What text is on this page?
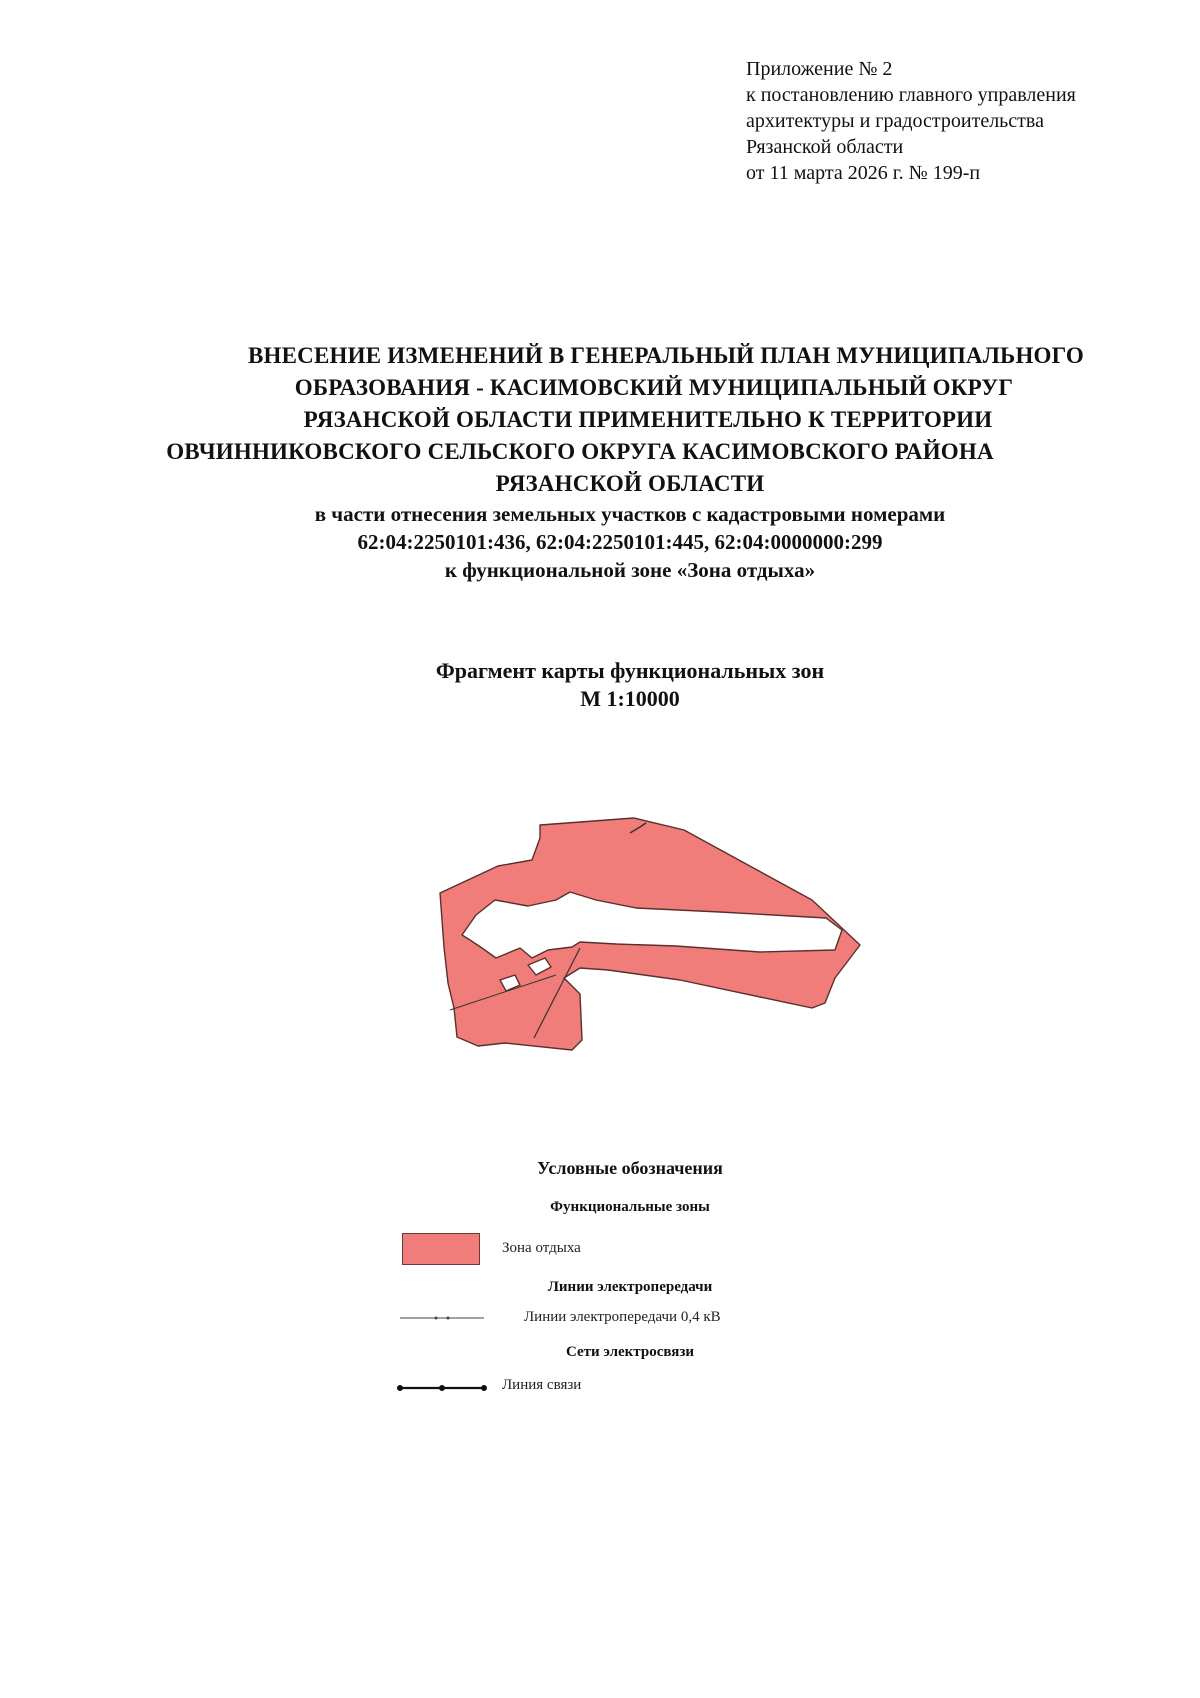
Приложение № 2
к постановлению главного управления
архитектуры и градостроительства
Рязанской области
от 11 марта 2026 г. № 199-п
ВНЕСЕНИЕ ИЗМЕНЕНИЙ В ГЕНЕРАЛЬНЫЙ ПЛАН МУНИЦИПАЛЬНОГО
ОБРАЗОВАНИЯ - КАСИМОВСКИЙ МУНИЦИПАЛЬНЫЙ ОКРУГ
РЯЗАНСКОЙ ОБЛАСТИ ПРИМЕНИТЕЛЬНО К ТЕРРИТОРИИ
ОВЧИННИКОВСКОГО СЕЛЬСКОГО ОКРУГА КАСИМОВСКОГО РАЙОНА
РЯЗАНСКОЙ ОБЛАСТИ
в части отнесения земельных участков с кадастровыми номерами
62:04:2250101:436, 62:04:2250101:445, 62:04:0000000:299
к функциональной зоне «Зона отдыха»
Фрагмент карты функциональных зон
М 1:10000
Условные обозначения
Функциональные зоны
Зона отдыха
Линии электропередачи
Линии электропередачи 0,4 кВ
Сети электросвязи
Линия связи
